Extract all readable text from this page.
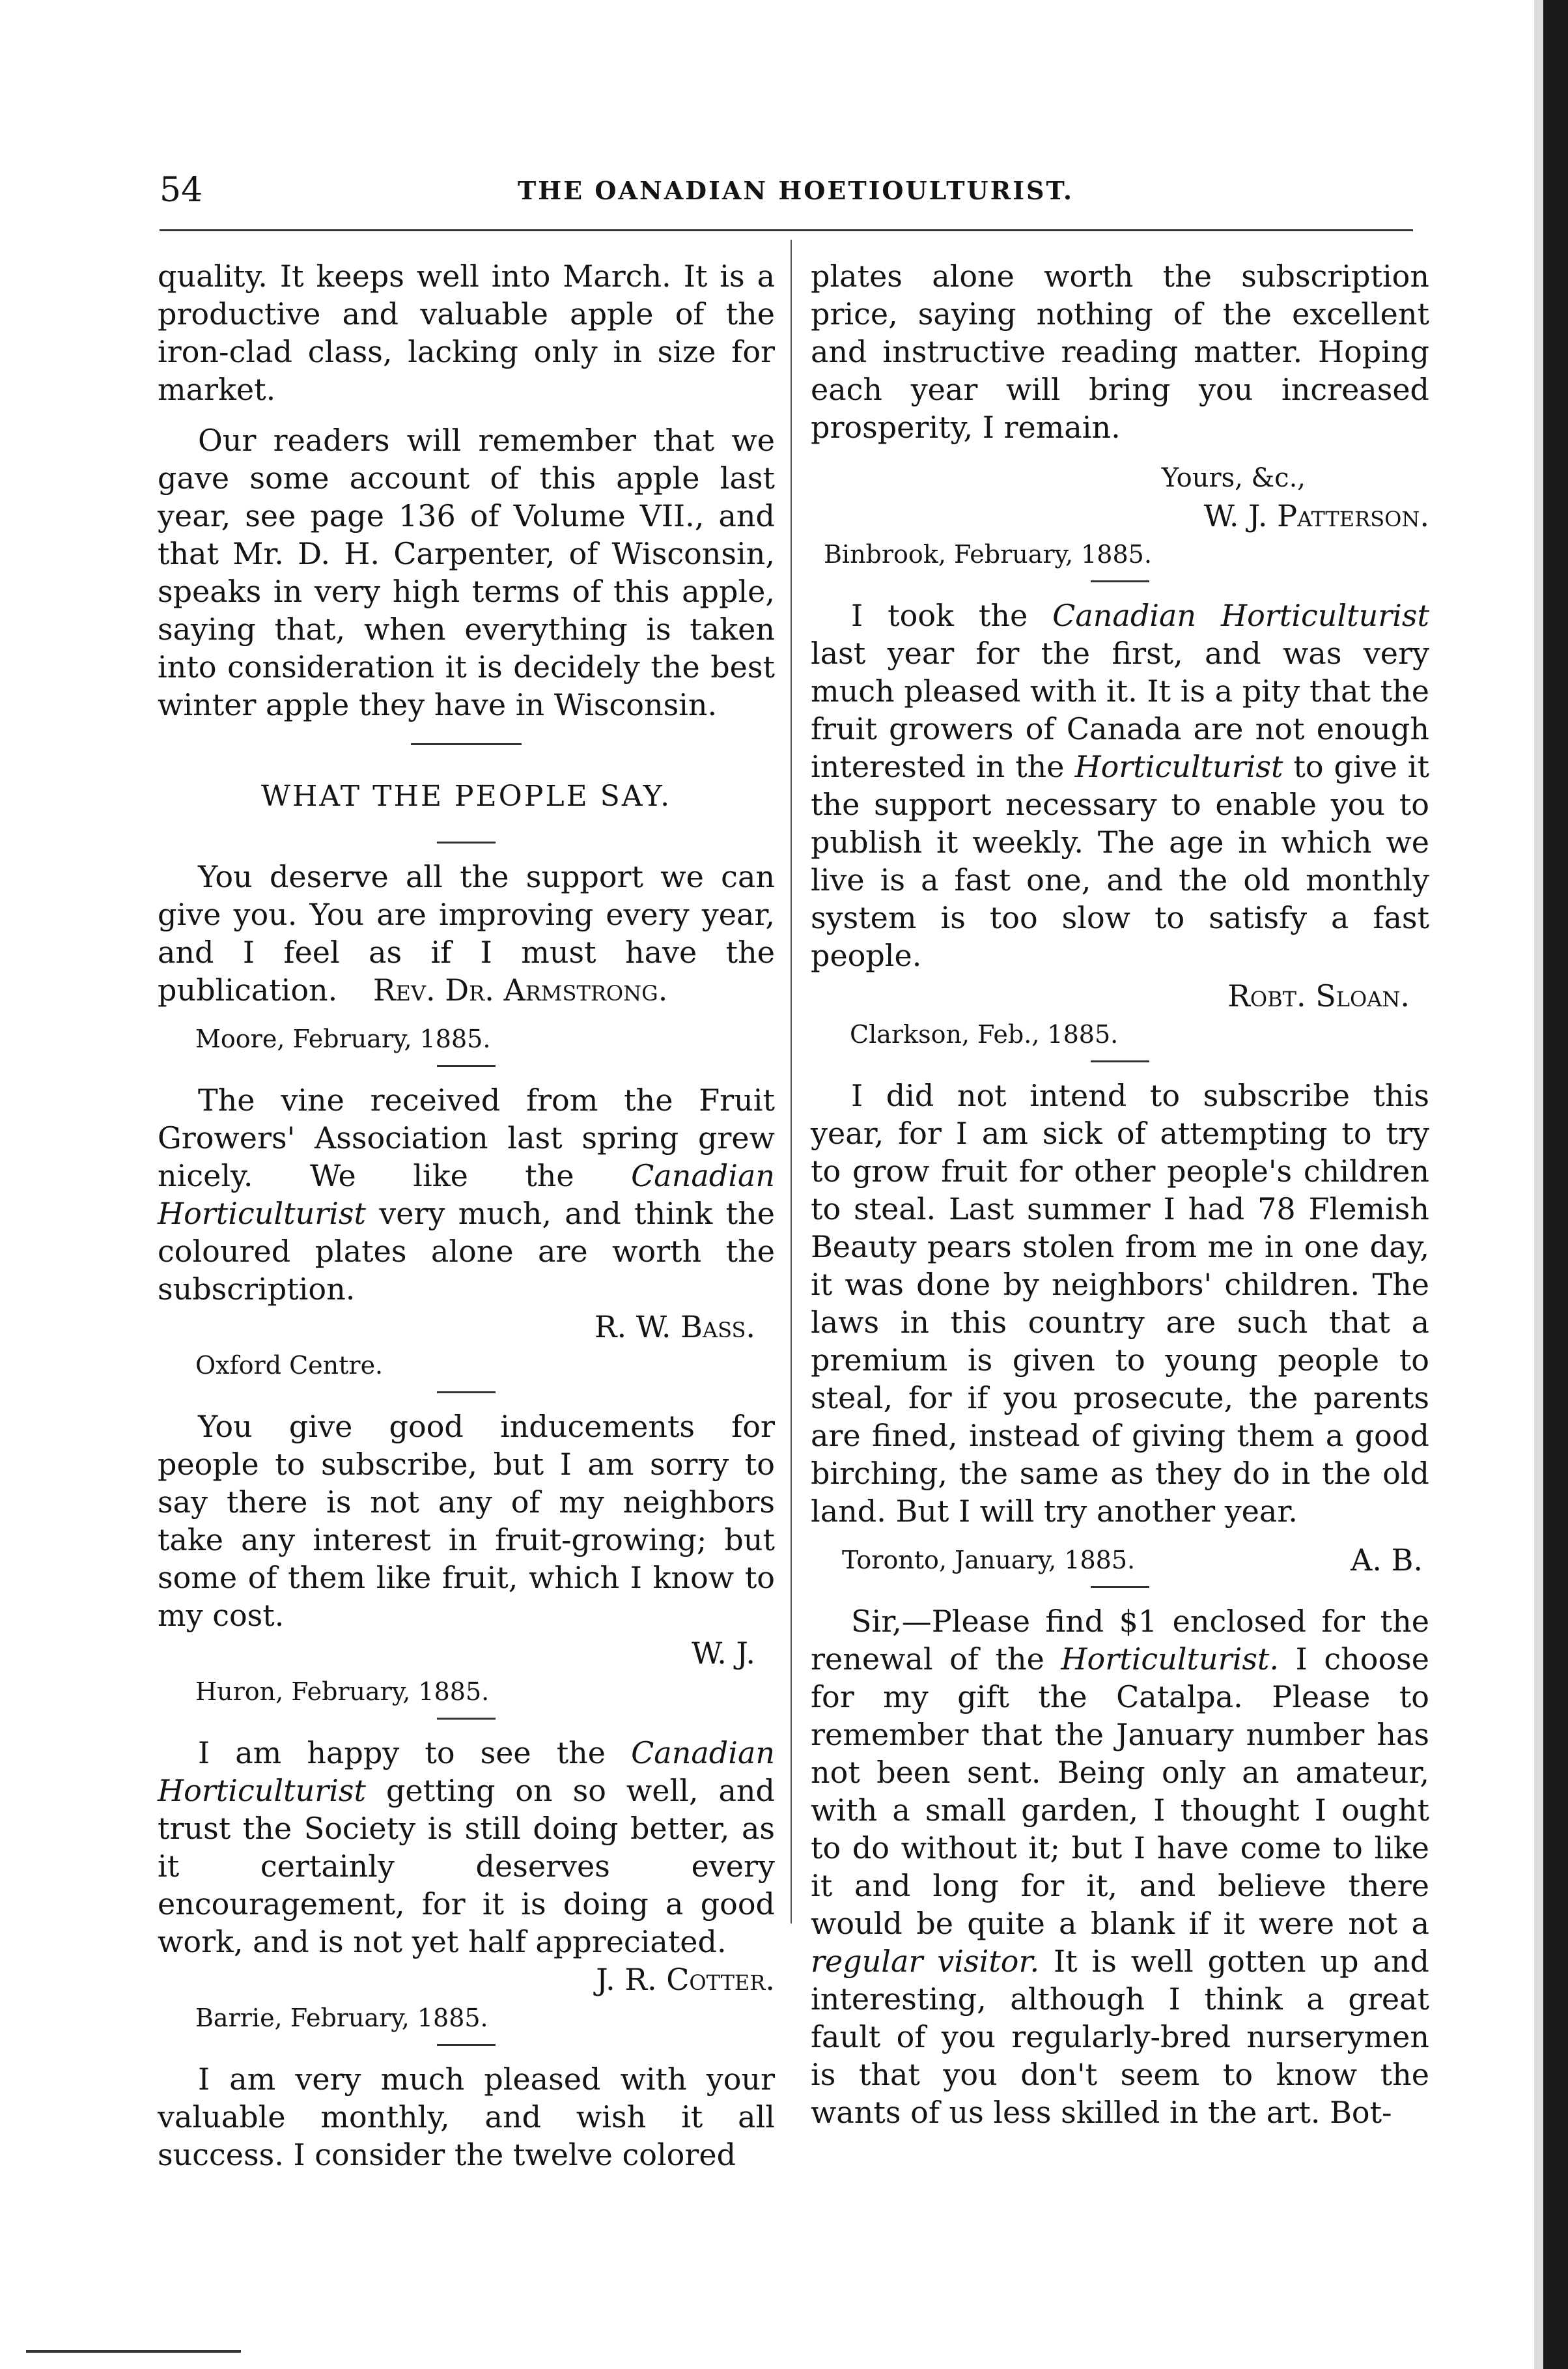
54	THE OANADIAN HOETIOULTURIST.

quality. It keeps well into March. It is a productive and valuable apple of the iron-clad class, lacking only in size for market.

Our readers will remember that we gave some account of this apple last year, see page 136 of Volume VII., and that Mr. D. H. Carpenter, of Wisconsin, speaks in very high terms of this apple, saying that, when everything is taken into consideration it is decidely the best winter apple they have in Wisconsin.

WHAT THE PEOPLE SAY.

You deserve all the support we can give you. You are improving every year, and I feel as if I must have the publication. Rev. Dr. Armstrong.

Moore, February, 1885.

The vine received from the Fruit Growers' Association last spring grew nicely. We like the Canadian Horticulturist very much, and think the coloured plates alone are worth the subscription.

R. W. Bass.
Oxford Centre.

You give good inducements for people to subscribe, but I am sorry to say there is not any of my neighbors take any interest in fruit-growing; but some of them like fruit, which I know to my cost.

W. J.
Huron, February, 1885.

I am happy to see the Canadian Horticulturist getting on so well, and trust the Society is still doing better, as it certainly deserves every encouragement, for it is doing a good work, and is not yet half appreciated.

J. R. Cotter.
Barrie, February, 1885.

I am very much pleased with your valuable monthly, and wish it all success. I consider the twelve colored

plates alone worth the subscription price, saying nothing of the excellent and instructive reading matter. Hoping each year will bring you increased prosperity, I remain.

Yours, &c.,
W. J. Patterson.
Binbrook, February, 1885.

I took the Canadian Horticulturist last year for the first, and was very much pleased with it. It is a pity that the fruit growers of Canada are not enough interested in the Horticulturist to give it the support necessary to enable you to publish it weekly. The age in which we live is a fast one, and the old monthly system is too slow to satisfy a fast people.

Robt. Sloan.
Clarkson, Feb., 1885.

I did not intend to subscribe this year, for I am sick of attempting to try to grow fruit for other people's children to steal. Last summer I had 78 Flemish Beauty pears stolen from me in one day, it was done by neighbors' children. The laws in this country are such that a premium is given to young people to steal, for if you prosecute, the parents are fined, instead of giving them a good birching, the same as they do in the old land. But I will try another year.

Toronto, January, 1885.	A. B.

Sir,—Please find $1 enclosed for the renewal of the Horticulturist. I choose for my gift the Catalpa. Please to remember that the January number has not been sent. Being only an amateur, with a small garden, I thought I ought to do without it; but I have come to like it and long for it, and believe there would be quite a blank if it were not a regular visitor. It is well gotten up and interesting, although I think a great fault of you regularly-bred nurserymen is that you don't seem to know the wants of us less skilled in the art. Bot-
